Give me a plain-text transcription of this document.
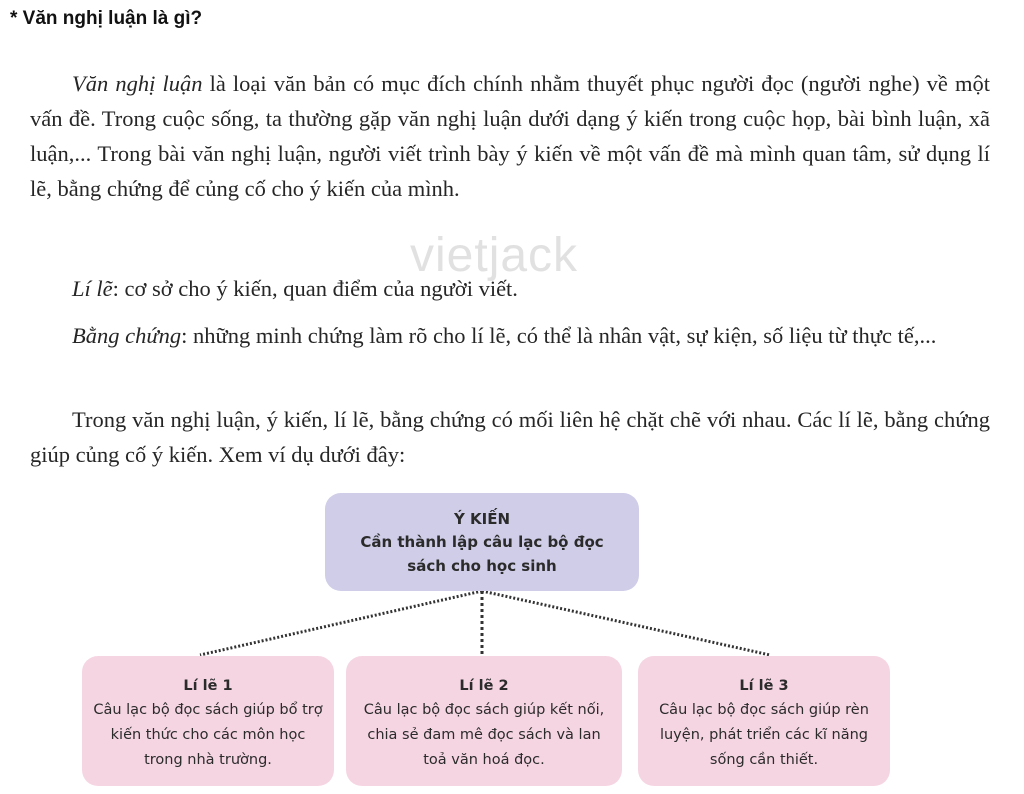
* Văn nghị luận là gì?
Văn nghị luận là loại văn bản có mục đích chính nhằm thuyết phục người đọc (người nghe) về một vấn đề. Trong cuộc sống, ta thường gặp văn nghị luận dưới dạng ý kiến trong cuộc họp, bài bình luận, xã luận,... Trong bài văn nghị luận, người viết trình bày ý kiến về một vấn đề mà mình quan tâm, sử dụng lí lẽ, bằng chứng để củng cố cho ý kiến của mình.
vietjack
Lí lẽ: cơ sở cho ý kiến, quan điểm của người viết.
Bằng chứng: những minh chứng làm rõ cho lí lẽ, có thể là nhân vật, sự kiện, số liệu từ thực tế,...
Trong văn nghị luận, ý kiến, lí lẽ, bằng chứng có mối liên hệ chặt chẽ với nhau. Các lí lẽ, bằng chứng giúp củng cố ý kiến. Xem ví dụ dưới đây:
Ý KIẾN
Cần thành lập câu lạc bộ đọc sách cho học sinh
Lí lẽ 1
Câu lạc bộ đọc sách giúp bổ trợ kiến thức cho các môn học trong nhà trường.
Lí lẽ 2
Câu lạc bộ đọc sách giúp kết nối, chia sẻ đam mê đọc sách và lan toả văn hoá đọc.
Lí lẽ 3
Câu lạc bộ đọc sách giúp rèn luyện, phát triển các kĩ năng sống cần thiết.
